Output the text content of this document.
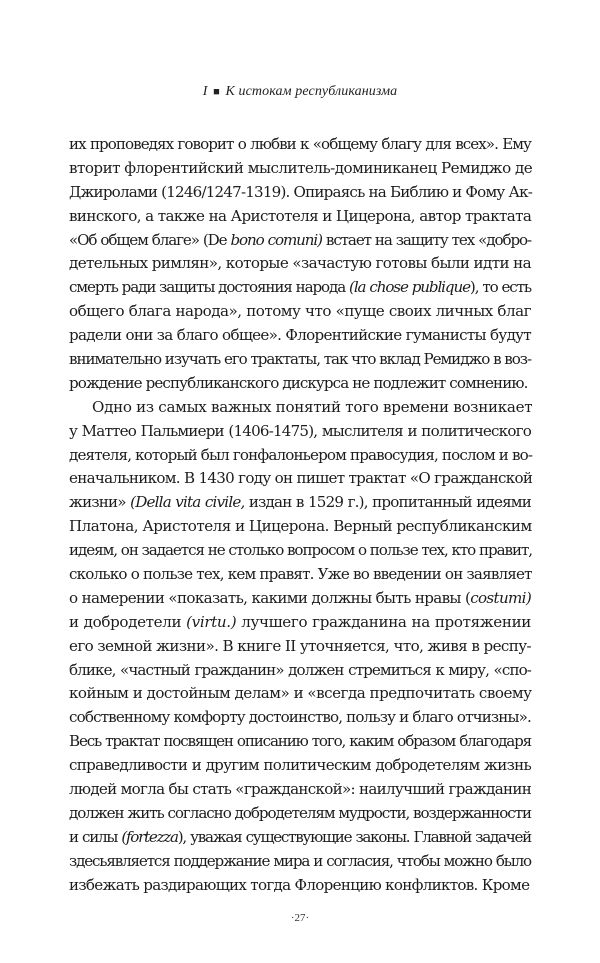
I ■ К истокам республиканизма
их проповедях говорит о любви к «общему благу для всех». Ему
вторит флорентийский мыслитель-доминиканец Ремиджо де
Джиролами (1246/1247-1319). Опираясь на Библию и Фому Ак-
винского, а также на Аристотеля и Цицерона, автор трактата
«Об общем благе» (De bono comuni) встает на защиту тех «добро-
детельных римлян», которые «зачастую готовы были идти на
смерть ради защиты достояния народа (la chose publique), то есть
общего блага народа», потому что «пуще своих личных благ
радели они за благо общее». Флорентийские гуманисты будут
внимательно изучать его трактаты, так что вклад Ремиджо в воз-
рождение республиканского дискурса не подлежит сомнению.
Одно из самых важных понятий того времени возникает
у Маттео Пальмиери (1406-1475), мыслителя и политического
деятеля, который был гонфалоньером правосудия, послом и во-
еначальником. В 1430 году он пишет трактат «О гражданской
жизни» (Della vita civile, издан в 1529 г.), пропитанный идеями
Платона, Аристотеля и Цицерона. Верный республиканским
идеям, он задается не столько вопросом о пользе тех, кто правит,
сколько о пользе тех, кем правят. Уже во введении он заявляет
о намерении «показать, какими должны быть нравы (costumi)
и добродетели (virtu.) лучшего гражданина на протяжении
его земной жизни». В книге II уточняется, что, живя в респу-
блике, «частный гражданин» должен стремиться к миру, «спо-
койным и достойным делам» и «всегда предпочитать своему
собственному комфорту достоинство, пользу и благо отчизны».
Весь трактат посвящен описанию того, каким образом благодаря
справедливости и другим политическим добродетелям жизнь
людей могла бы стать «гражданской»: наилучший гражданин
должен жить согласно добродетелям мудрости, воздержанности
и силы (fortezza), уважая существующие законы. Главной задачей
здесьявляется поддержание мира и согласия, чтобы можно было
избежать раздирающих тогда Флоренцию конфликтов. Кроме
·27·
